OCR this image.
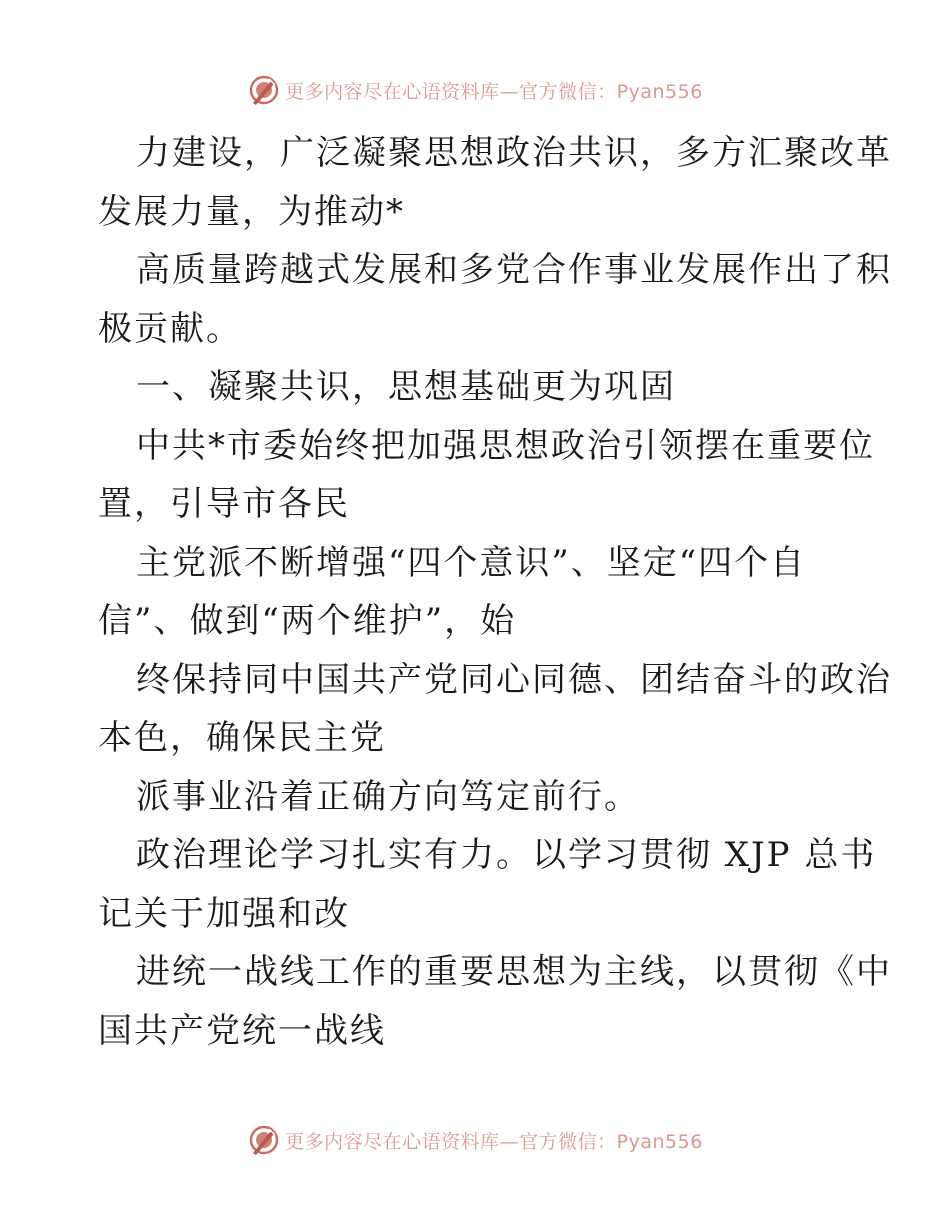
更多内容尽在心语资料库—官方微信：Pyan556
力建设，广泛凝聚思想政治共识，多方汇聚改革
发展力量，为推动*
高质量跨越式发展和多党合作事业发展作出了积
极贡献。
一、凝聚共识，思想基础更为巩固
中共*市委始终把加强思想政治引领摆在重要位
置，引导市各民
主党派不断增强“四个意识”、坚定“四个自
信”、做到“两个维护”，始
终保持同中国共产党同心同德、团结奋斗的政治
本色，确保民主党
派事业沿着正确方向笃定前行。
政治理论学习扎实有力。以学习贯彻 XJP 总书
记关于加强和改
进统一战线工作的重要思想为主线，以贯彻《中
国共产党统一战线
更多内容尽在心语资料库—官方微信：Pyan556
